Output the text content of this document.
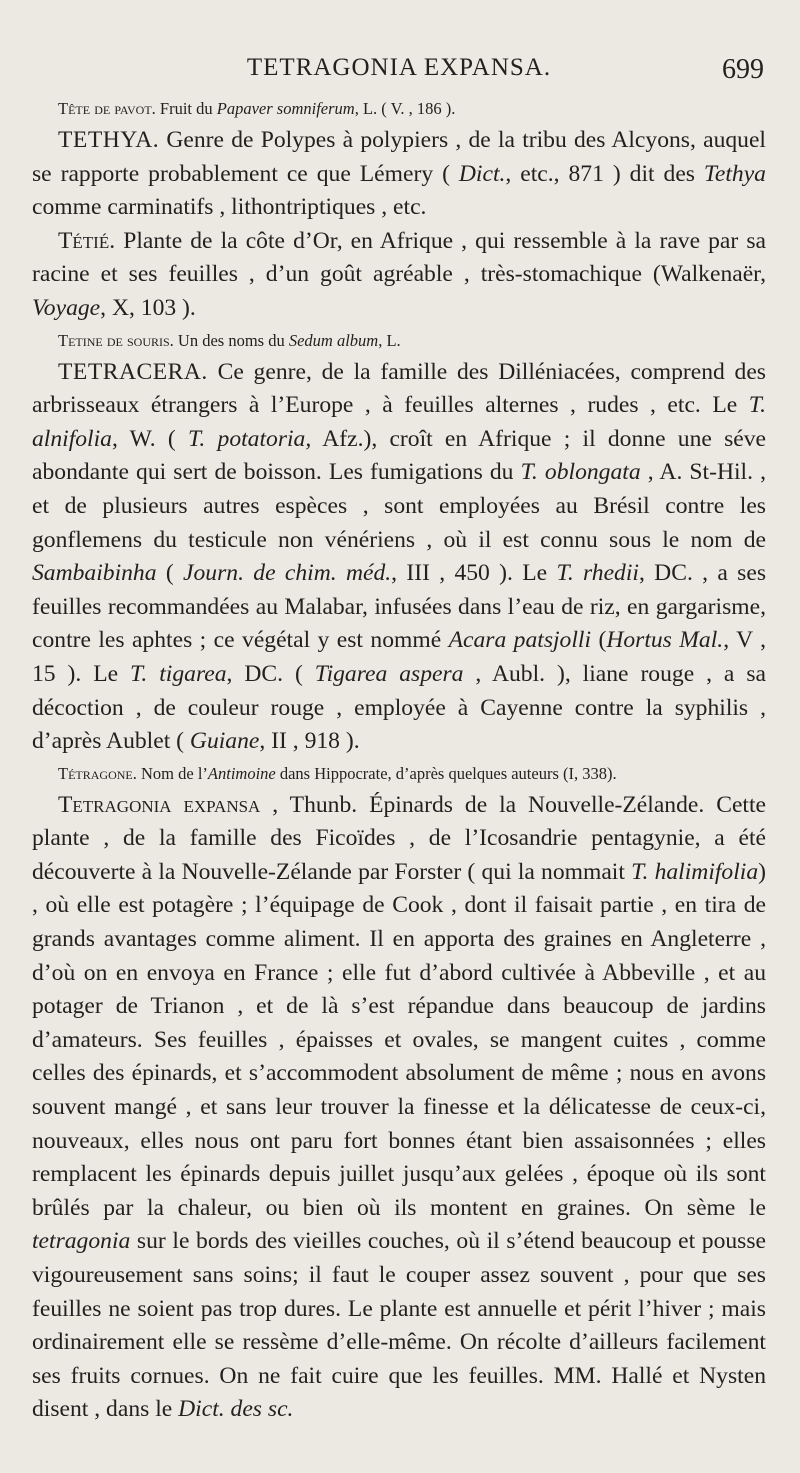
TETRAGONIA EXPANSA.	699

Tête de pavot. Fruit du Papaver somniferum, L. ( V. , 186 ).

TETHYA. Genre de Polypes à polypiers , de la tribu des Alcyons, auquel se rapporte probablement ce que Lémery ( Dict., etc., 871 ) dit des Tethya comme carminatifs , lithontriptiques , etc.

Tétié. Plante de la côte d’Or, en Afrique , qui ressemble à la rave par sa racine et ses feuilles , d’un goût agréable , très-stomachique (Walkenaër, Voyage, X, 103 ).

Tetine de souris. Un des noms du Sedum album, L.

TETRACERA. Ce genre, de la famille des Dilléniacées, comprend des arbrisseaux étrangers à l’Europe , à feuilles alternes , rudes , etc. Le T. alnifolia, W. ( T. potatoria, Afz.), croît en Afrique ; il donne une séve abondante qui sert de boisson. Les fumigations du T. oblongata , A. St-Hil. , et de plusieurs autres espèces , sont employées au Brésil contre les gonflemens du testicule non vénériens , où il est connu sous le nom de Sambaibinha ( Journ. de chim. méd., III , 450 ). Le T. rhedii, DC. , a ses feuilles recommandées au Malabar, infusées dans l’eau de riz, en gargarisme, contre les aphtes ; ce végétal y est nommé Acara patsjolli (Hortus Mal., V , 15 ). Le T. tigarea, DC. ( Tigarea aspera , Aubl. ), liane rouge , a sa décoction , de couleur rouge , employée à Cayenne contre la syphilis , d’après Aublet ( Guiane, II , 918 ).

Tétragone. Nom de l’Antimoine dans Hippocrate, d’après quelques auteurs (I, 338).

Tetragonia expansa , Thunb. Épinards de la Nouvelle-Zélande. Cette plante , de la famille des Ficoïdes , de l’Icosandrie pentagynie, a été découverte à la Nouvelle-Zélande par Forster ( qui la nommait T. halimifolia) , où elle est potagère ; l’équipage de Cook , dont il faisait partie , en tira de grands avantages comme aliment. Il en apporta des graines en Angleterre , d’où on en envoya en France ; elle fut d’abord cultivée à Abbeville , et au potager de Trianon , et de là s’est répandue dans beaucoup de jardins d’amateurs. Ses feuilles , épaisses et ovales, se mangent cuites , comme celles des épinards, et s’accommodent absolument de même ; nous en avons souvent mangé , et sans leur trouver la finesse et la délicatesse de ceux-ci, nouveaux, elles nous ont paru fort bonnes étant bien assaisonnées ; elles remplacent les épinards depuis juillet jusqu’aux gelées , époque où ils sont brûlés par la chaleur, ou bien où ils montent en graines. On sème le tetragonia sur le bords des vieilles couches, où il s’étend beaucoup et pousse vigoureusement sans soins; il faut le couper assez souvent , pour que ses feuilles ne soient pas trop dures. Le plante est annuelle et périt l’hiver ; mais ordinairement elle se ressème d’elle-même. On récolte d’ailleurs facilement ses fruits cornues. On ne fait cuire que les feuilles. MM. Hallé et Nysten disent , dans le Dict. des sc.
